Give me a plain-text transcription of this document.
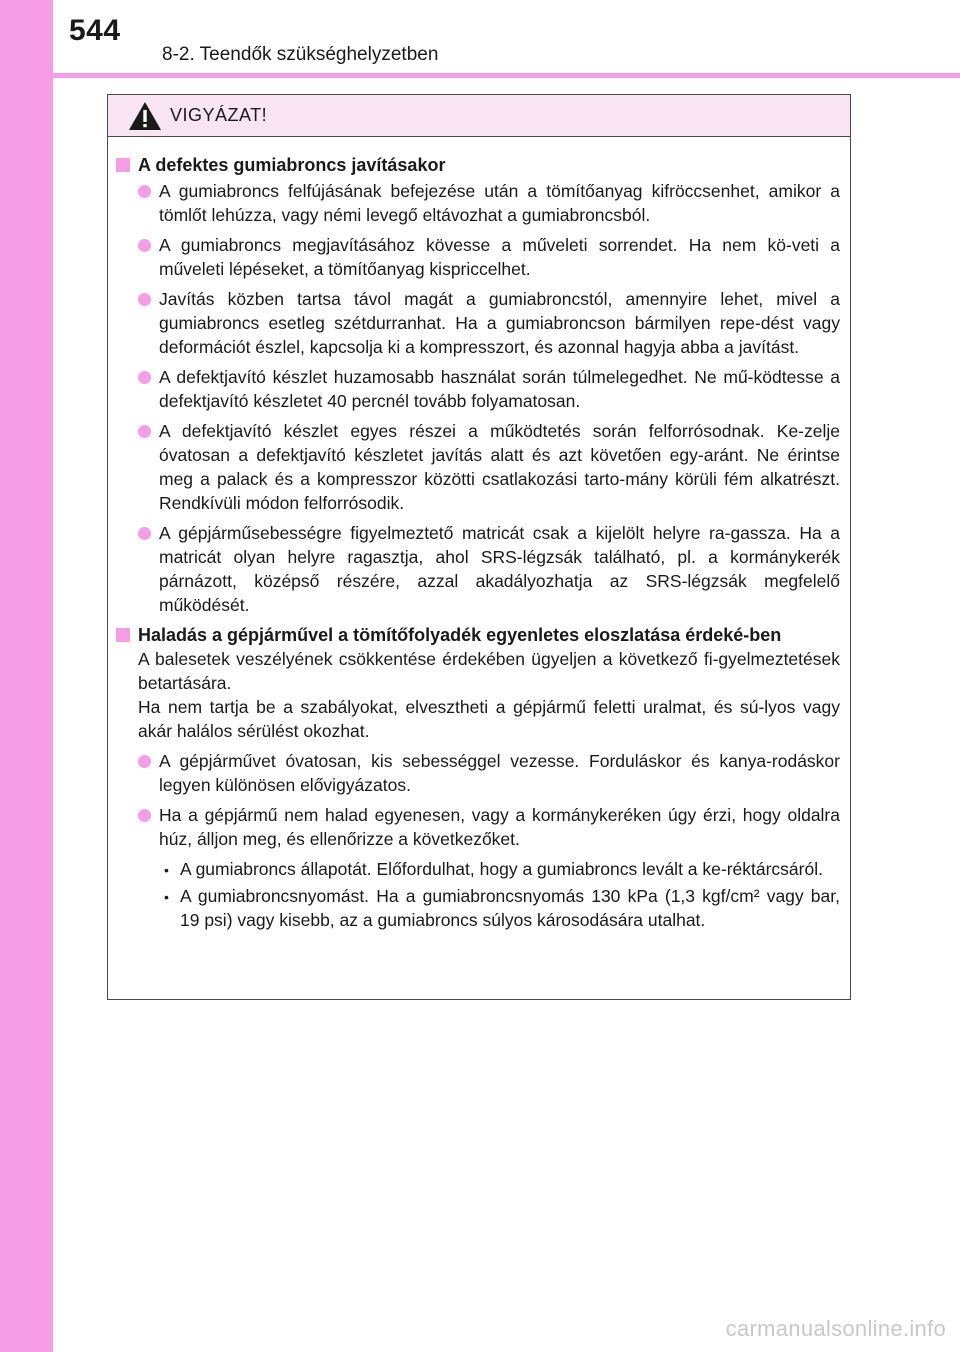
544
8-2. Teendők szükséghelyzetben
VIGYÁZAT!
A defektes gumiabroncs javításakor
A gumiabroncs felfújásának befejezése után a tömítőanyag kifröccsenhet, amikor a tömlőt lehúzza, vagy némi levegő eltávozhat a gumiabroncsból.
A gumiabroncs megjavításához kövesse a műveleti sorrendet. Ha nem kö-veti a műveleti lépéseket, a tömítőanyag kispriccelhet.
Javítás közben tartsa távol magát a gumiabroncstól, amennyire lehet, mivel a gumiabroncs esetleg szétdurranhat. Ha a gumiabroncson bármilyen repe-dést vagy deformációt észlel, kapcsolja ki a kompresszort, és azonnal hagyja abba a javítást.
A defektjavító készlet huzamosabb használat során túlmelegedhet. Ne mű-ködtesse a defektjavító készletet 40 percnél tovább folyamatosan.
A defektjavító készlet egyes részei a működtetés során felforrósodnak. Ke-zelje óvatosan a defektjavító készletet javítás alatt és azt követően egy-aránt. Ne érintse meg a palack és a kompresszor közötti csatlakozási tarto-mány körüli fém alkatrészt. Rendkívüli módon felforrósodik.
A gépjárműsebességre figyelmeztető matricát csak a kijelölt helyre ra-gassza. Ha a matricát olyan helyre ragasztja, ahol SRS-légzsák található, pl. a kormánykerék párnázott, középső részére, azzal akadályozhatja az SRS-légzsák megfelelő működését.
Haladás a gépjárművel a tömítőfolyadék egyenletes eloszlatása érdeké-ben

A balesetek veszélyének csökkentése érdekében ügyeljen a következő fi-gyelmeztetések betartására.

Ha nem tartja be a szabályokat, elvesztheti a gépjármű feletti uralmat, és sú-lyos vagy akár halálos sérülést okozhat.

A gépjárművet óvatosan, kis sebességgel vezesse. Forduláskor és kanya-rodáskor legyen különösen elővigyázatos.
Ha a gépjármű nem halad egyenesen, vagy a kormánykeréken úgy érzi, hogy oldalra húz, álljon meg, és ellenőrizze a következőket.
• A gumiabroncs állapotát. Előfordulhat, hogy a gumiabroncs levált a ke-réktárcsáról.
• A gumiabroncsnyomást. Ha a gumiabroncsnyomás 130 kPa (1,3 kgf/cm² vagy bar, 19 psi) vagy kisebb, az a gumiabroncs súlyos károsodására utalhat.
carmanualsonline.info
